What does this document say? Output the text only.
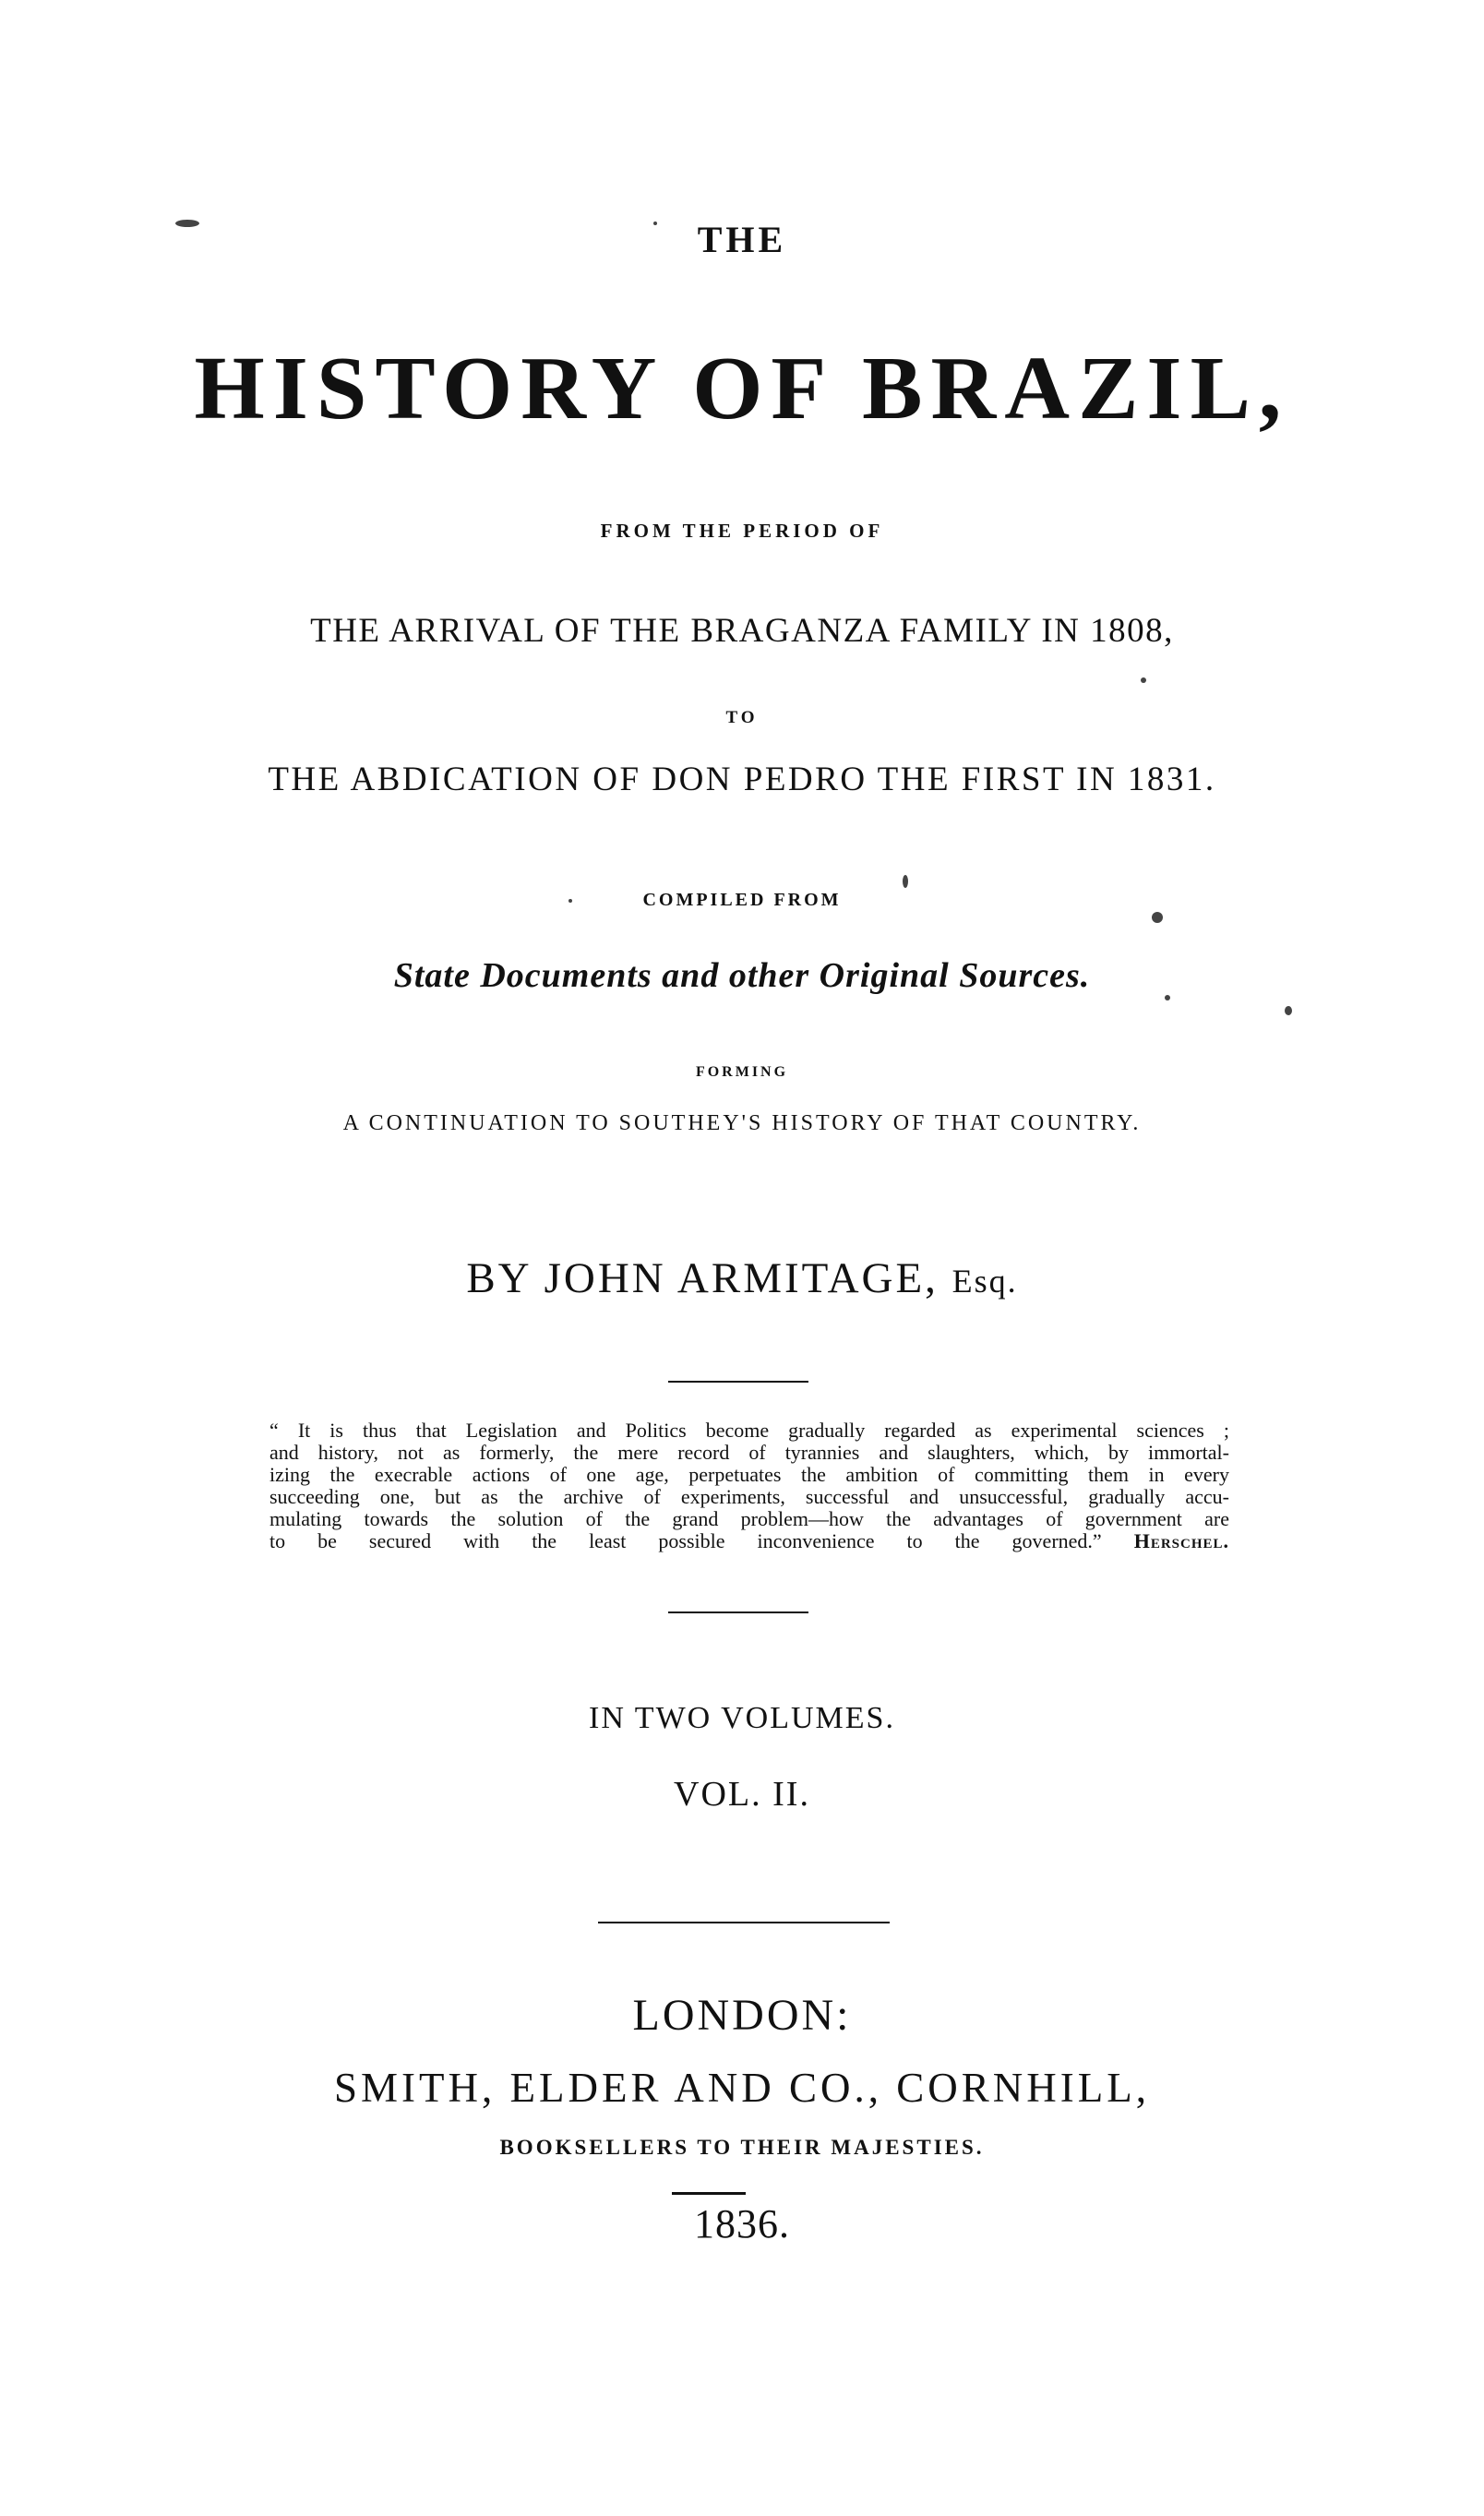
THE
HISTORY OF BRAZIL,
FROM THE PERIOD OF
THE ARRIVAL OF THE BRAGANZA FAMILY IN 1808,
TO
THE ABDICATION OF DON PEDRO THE FIRST IN 1831.
COMPILED FROM
State Documents and other Original Sources.
FORMING
A CONTINUATION TO SOUTHEY'S HISTORY OF THAT COUNTRY.
BY JOHN ARMITAGE, Esq.
“ It is thus that Legislation and Politics become gradually regarded as experimental sciences ;
and history, not as formerly, the mere record of tyrannies and slaughters, which, by immortal-
izing the execrable actions of one age, perpetuates the ambition of committing them in every
succeeding one, but as the archive of experiments, successful and unsuccessful, gradually accu-
mulating towards the solution of the grand problem—how the advantages of government are
to be secured with the least possible inconvenience to the governed.” Herschel.
IN TWO VOLUMES.
VOL. II.
LONDON:
SMITH, ELDER AND CO., CORNHILL,
BOOKSELLERS TO THEIR MAJESTIES.
1836.
